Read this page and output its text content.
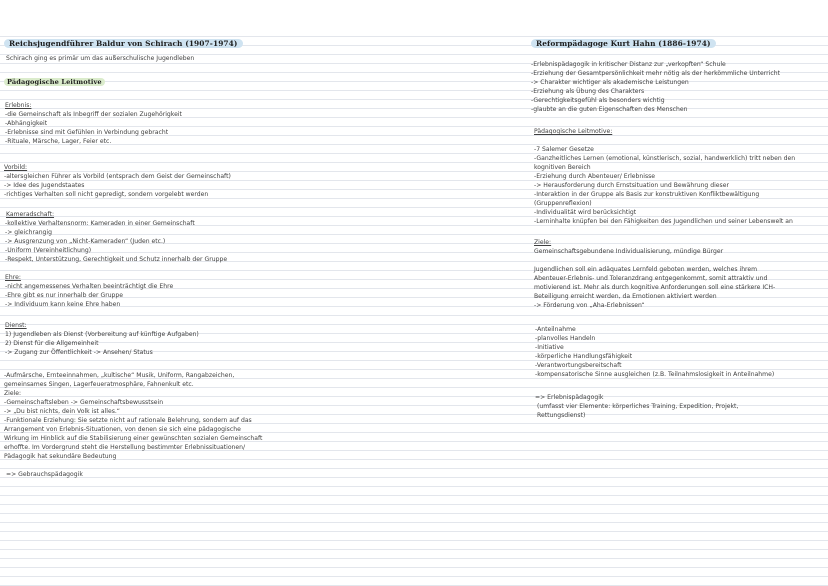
Reichsjugendführer Baldur von Schirach (1907-1974)
Schirach ging es primär um das außerschulische Jugendleben
Pädagogische Leitmotive
Erlebnis:
-die Gemeinschaft als Inbegriff der sozialen Zugehörigkeit
-Abhängigkeit
-Erlebnisse sind mit Gefühlen in Verbindung gebracht
-Rituale, Märsche, Lager, Feier etc.
Vorbild:
-altersgleichen Führer als Vorbild (entsprach dem Geist der Gemeinschaft)
-> Idee des Jugendstaates
-richtiges Verhalten soll nicht gepredigt, sondern vorgelebt werden
Kameradschaft:
-kollektive Verhaltensnorm: Kameraden in einer Gemeinschaft
-> gleichrangig
-> Ausgrenzung von „Nicht-Kameraden“ (Juden etc.)
-Uniform (Vereinheitlichung)
-Respekt, Unterstützung, Gerechtigkeit und Schutz innerhalb der Gruppe
Ehre:
-nicht angemessenes Verhalten beeinträchtigt die Ehre
-Ehre gibt es nur innerhalb der Gruppe
-> Individuum kann keine Ehre haben
Dienst:
1) Jugendleben als Dienst (Vorbereitung auf künftige Aufgaben)
2) Dienst für die Allgemeinheit
-> Zugang zur Öffentlichkeit -> Ansehen/ Status
-Aufmärsche, Ernteeinnahmen, „kultische“ Musik, Uniform, Rangabzeichen,
gemeinsames Singen, Lagerfeueratmosphäre, Fahnenkult etc.
Ziele:
-Gemeinschaftsleben -> Gemeinschaftsbewusstsein
-> „Du bist nichts, dein Volk ist alles.“
-Funktionale Erziehung: Sie setzte nicht auf rationale Belehrung, sondern auf das
Arrangement von Erlebnis-Situationen, von denen sie sich eine pädagogische
Wirkung im Hinblick auf die Stabilisierung einer gewünschten sozialen Gemeinschaft
erhoffte. Im Vordergrund steht die Herstellung bestimmter Erlebnissituationen/
Pädagogik hat sekundäre Bedeutung
=> Gebrauchspädagogik
Reformpädagoge Kurt Hahn (1886-1974)
-Erlebnispädagogik in kritischer Distanz zur „verkopften“ Schule
-Erziehung der Gesamtpersönlichkeit mehr nötig als der herkömmliche Unterricht
-> Charakter wichtiger als akademische Leistungen
-Erziehung als Übung des Charakters
-Gerechtigkeitsgefühl als besonders wichtig
-glaubte an die guten Eigenschaften des Menschen
Pädagogische Leitmotive:
-7 Salemer Gesetze
-Ganzheitliches Lernen (emotional, künstlerisch, sozial, handwerklich) tritt neben den
kognitiven Bereich
-Erziehung durch Abenteuer/ Erlebnisse
-> Herausforderung durch Ernstsituation und Bewährung dieser
-Interaktion in der Gruppe als Basis zur konstruktiven Konfliktbewältigung
(Gruppenreflexion)
-Individualität wird berücksichtigt
-Lerninhalte knüpfen bei den Fähigkeiten des Jugendlichen und seiner Lebenswelt an
Ziele:
Gemeinschaftsgebundene Individualisierung, mündige Bürger
Jugendlichen soll ein adäquates Lernfeld geboten werden, welches ihrem
Abenteuer-Erlebnis- und Toleranzdrang entgegenkommt, somit attraktiv und
motivierend ist. Mehr als durch kognitive Anforderungen soll eine stärkere ICH-
Beteiligung erreicht werden, da Emotionen aktiviert werden
-> Förderung von „Aha-Erlebnissen“
-Anteilnahme
-planvolles Handeln
-Initiative
-körperliche Handlungsfähigkeit
-Verantwortungsbereitschaft
-kompensatorische Sinne ausgleichen (z.B. Teilnahmslosigkeit in Anteilnahme)
=> Erlebnispädagogik
(umfasst vier Elemente: körperliches Training, Expedition, Projekt,
Rettungsdienst)
